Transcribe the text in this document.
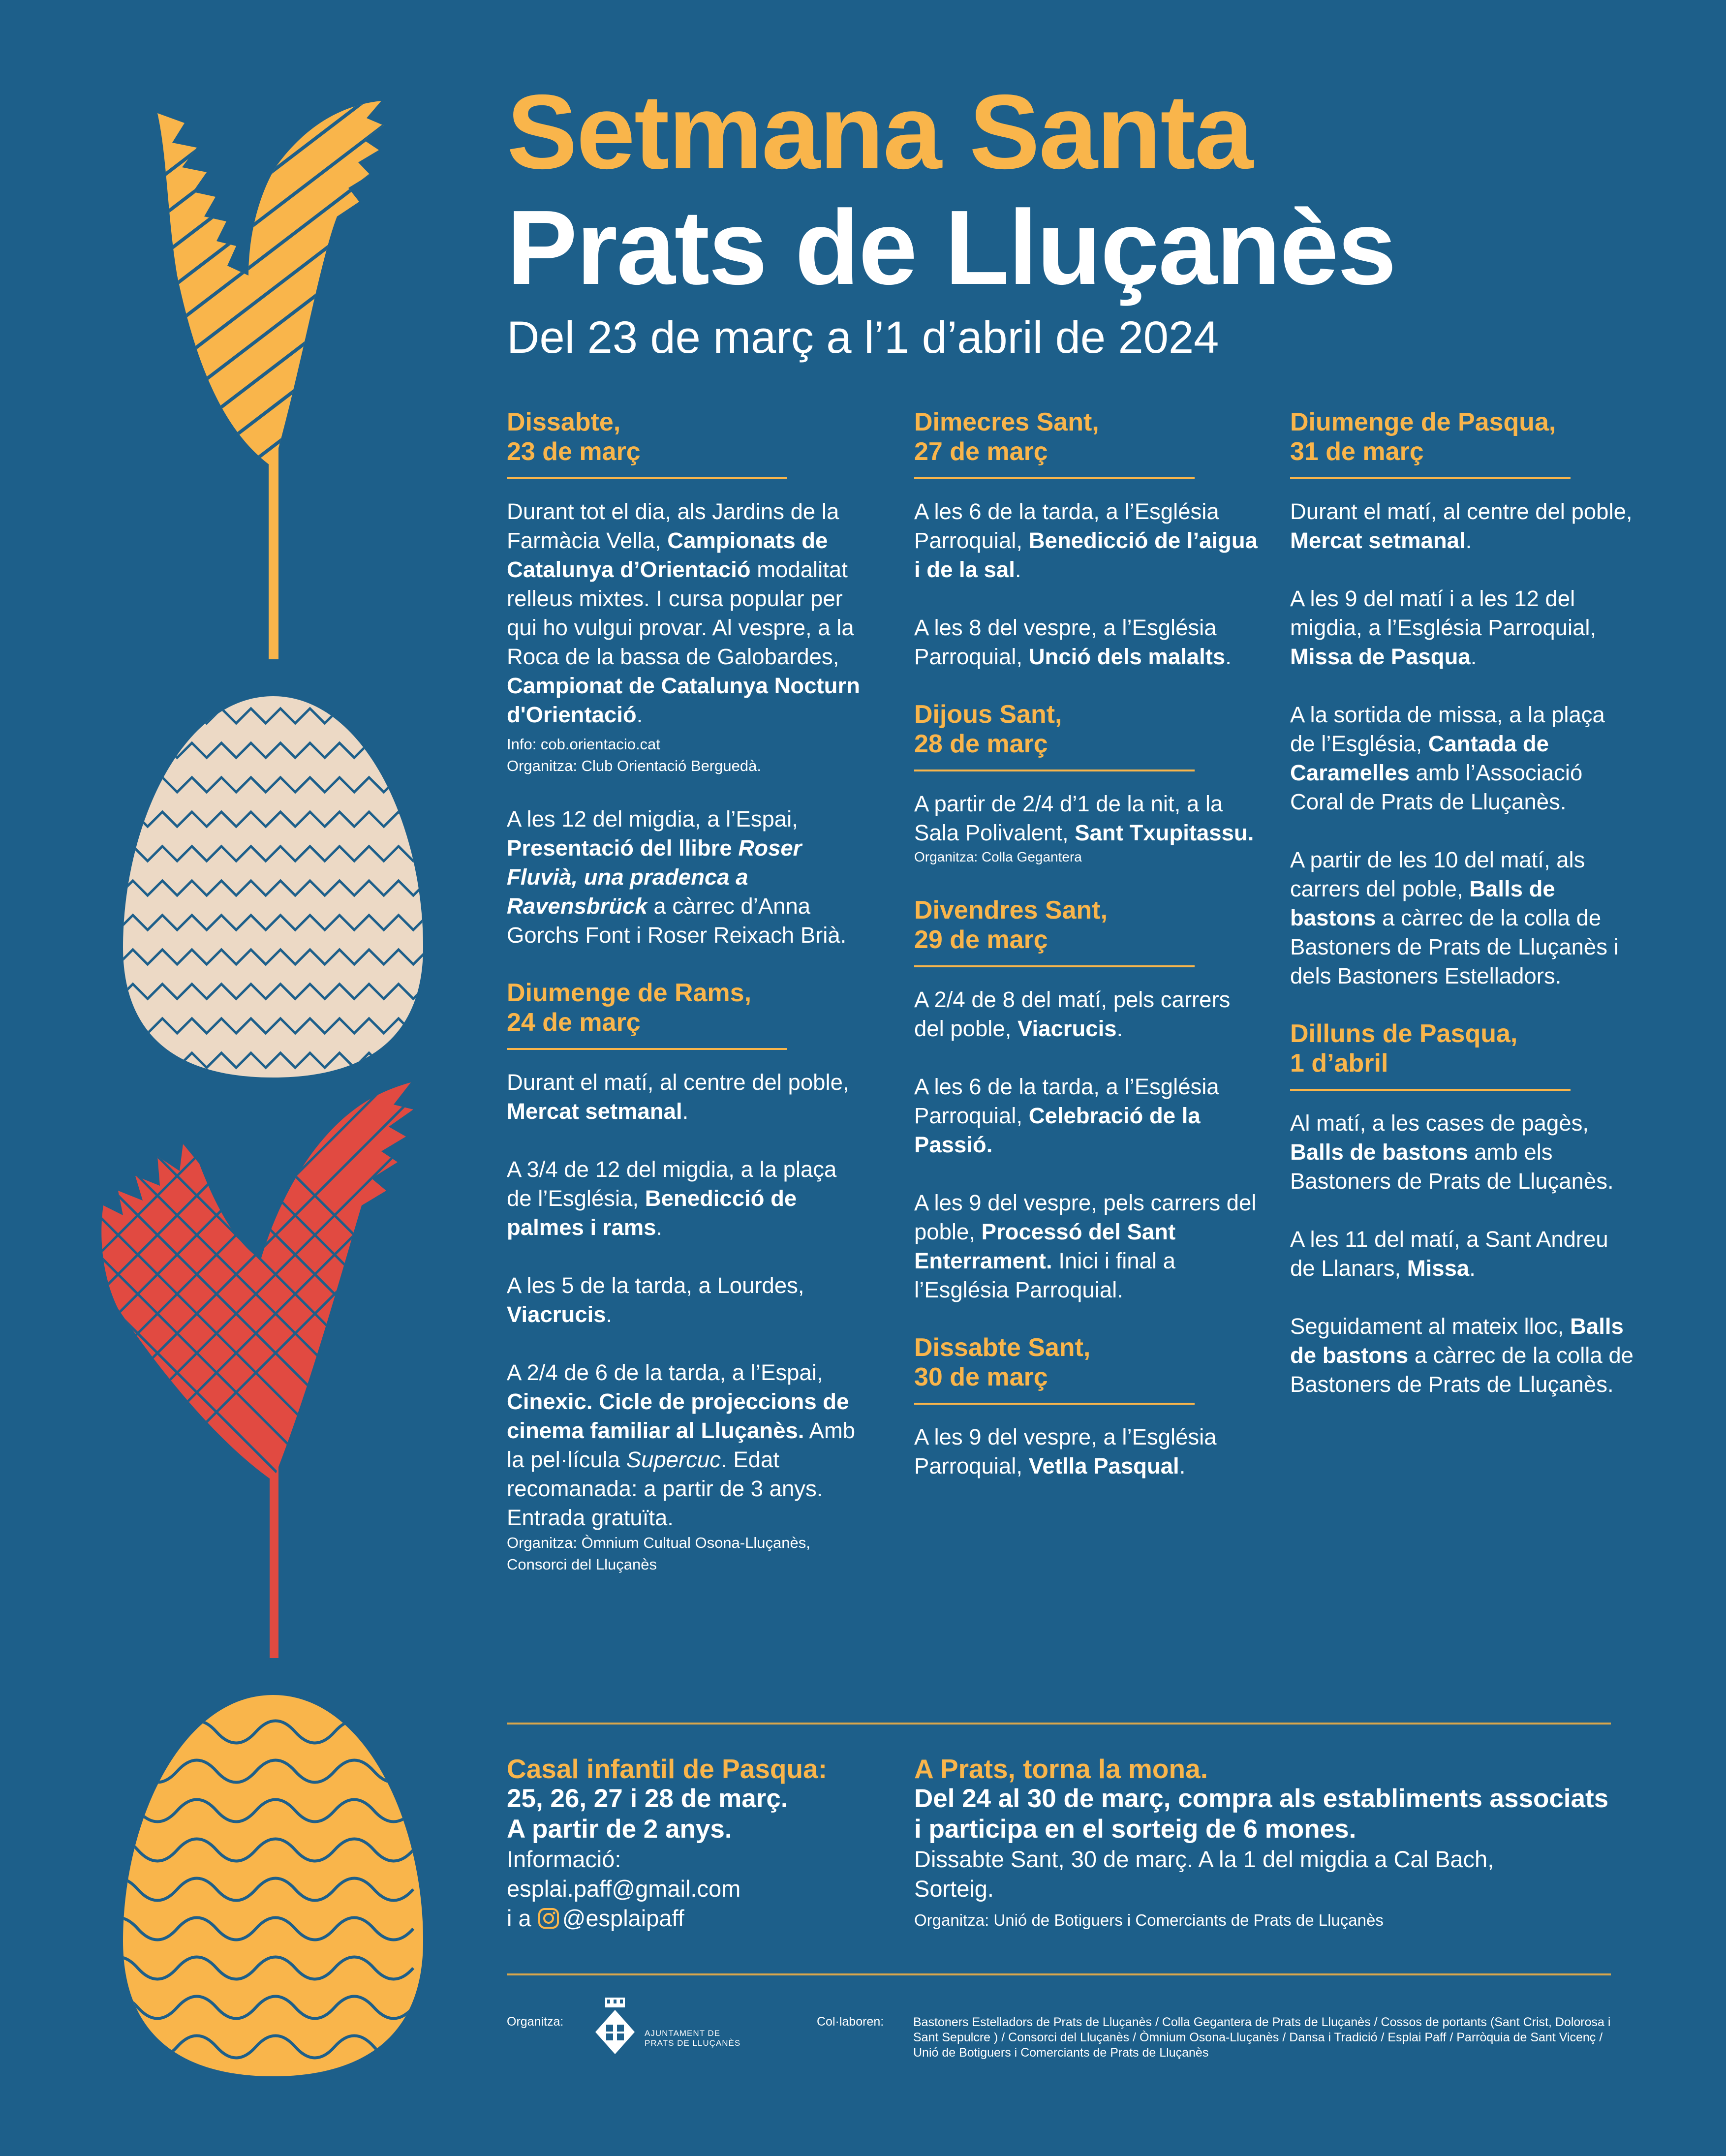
Setmana Santa
Prats de Lluçanès
Del 23 de març a l’1 d’abril de 2024
Dissabte,
23 de març

Durant tot el dia, als Jardins de la Farmàcia Vella, Campionats de Catalunya d’Orientació modalitat relleus mixtes. I cursa popular per qui ho vulgui provar. Al vespre, a la Roca de la bassa de Galobardes, Campionat de Catalunya Nocturn d'Orientació.

Info: cob.orientacio.cat
Organitza: Club Orientació Berguedà.

A les 12 del migdia, a l’Espai, Presentació del llibre Roser Fluvià, una pradenca a Ravensbrück a càrrec d’Anna Gorchs Font i Roser Reixach Brià.

Diumenge de Rams,
24 de març

Durant el matí, al centre del poble, Mercat setmanal.

A 3/4 de 12 del migdia, a la plaça de l’Església, Benedicció de palmes i rams.

A les 5 de la tarda, a Lourdes, Viacrucis.

A 2/4 de 6 de la tarda, a l’Espai, Cinexic. Cicle de projeccions de cinema familiar al Lluçanès. Amb la pel·lícula Supercuc. Edat recomanada: a partir de 3 anys. Entrada gratuïta.

Organitza: Òmnium Cultual Osona-Lluçanès, Consorci del Lluçanès
Dimecres Sant,
27 de març

A les 6 de la tarda, a l’Església Parroquial, Benedicció de l’aigua i de la sal.

A les 8 del vespre, a l’Església Parroquial, Unció dels malalts.

Dijous Sant,
28 de març

A partir de 2/4 d’1 de la nit, a la Sala Polivalent, Sant Txupitassu.

Organitza: Colla Gegantera
Divendres Sant,
29 de març

A 2/4 de 8 del matí, pels carrers del poble, Viacrucis.

A les 6 de la tarda, a l’Església Parroquial, Celebració de la Passió.

A les 9 del vespre, pels carrers del poble, Processó del Sant Enterrament. Inici i final a l’Església Parroquial.

Dissabte Sant,
30 de març

A les 9 del vespre, a l’Església Parroquial, Vetlla Pasqual.

Diumenge de Pasqua,
31 de març

Durant el matí, al centre del poble, Mercat setmanal.

A les 9 del matí i a les 12 del migdia, a l’Església Parroquial, Missa de Pasqua.

A la sortida de missa, a la plaça de l’Església, Cantada de Caramelles amb l’Associació Coral de Prats de Lluçanès.

A partir de les 10 del matí, als carrers del poble, Balls de bastons a càrrec de la colla de Bastoners de Prats de Lluçanès i dels Bastoners Estelladors.

Dilluns de Pasqua,
1 d’abril

Al matí, a les cases de pagès, Balls de bastons amb els Bastoners de Prats de Lluçanès.

A les 11 del matí, a Sant Andreu de Llanars, Missa.

Seguidament al mateix lloc, Balls de bastons a càrrec de la colla de Bastoners de Prats de Lluçanès.

Casal infantil de Pasqua:
25, 26, 27 i 28 de març.
A partir de 2 anys.
Informació:
esplai.paff@gmail.com
i a @esplaipaff
A Prats, torna la mona.
Del 24 al 30 de març, compra als establiments associats i participa en el sorteig de 6 mones.
Dissabte Sant, 30 de març. A la 1 del migdia a Cal Bach, Sorteig.
Organitza: Unió de Botiguers i Comerciants de Prats de Lluçanès
Organitza:
AJUNTAMENT DE
PRATS DE LLUÇANÈS
Col·laboren: Bastoners Estelladors de Prats de Lluçanès / Colla Gegantera de Prats de Lluçanès / Cossos de portants (Sant Crist, Dolorosa i Sant Sepulcre ) / Consorci del Lluçanès / Òmnium Osona-Lluçanès / Dansa i Tradició / Esplai Paff / Parròquia de Sant Vicenç / Unió de Botiguers i Comerciants de Prats de Lluçanès
